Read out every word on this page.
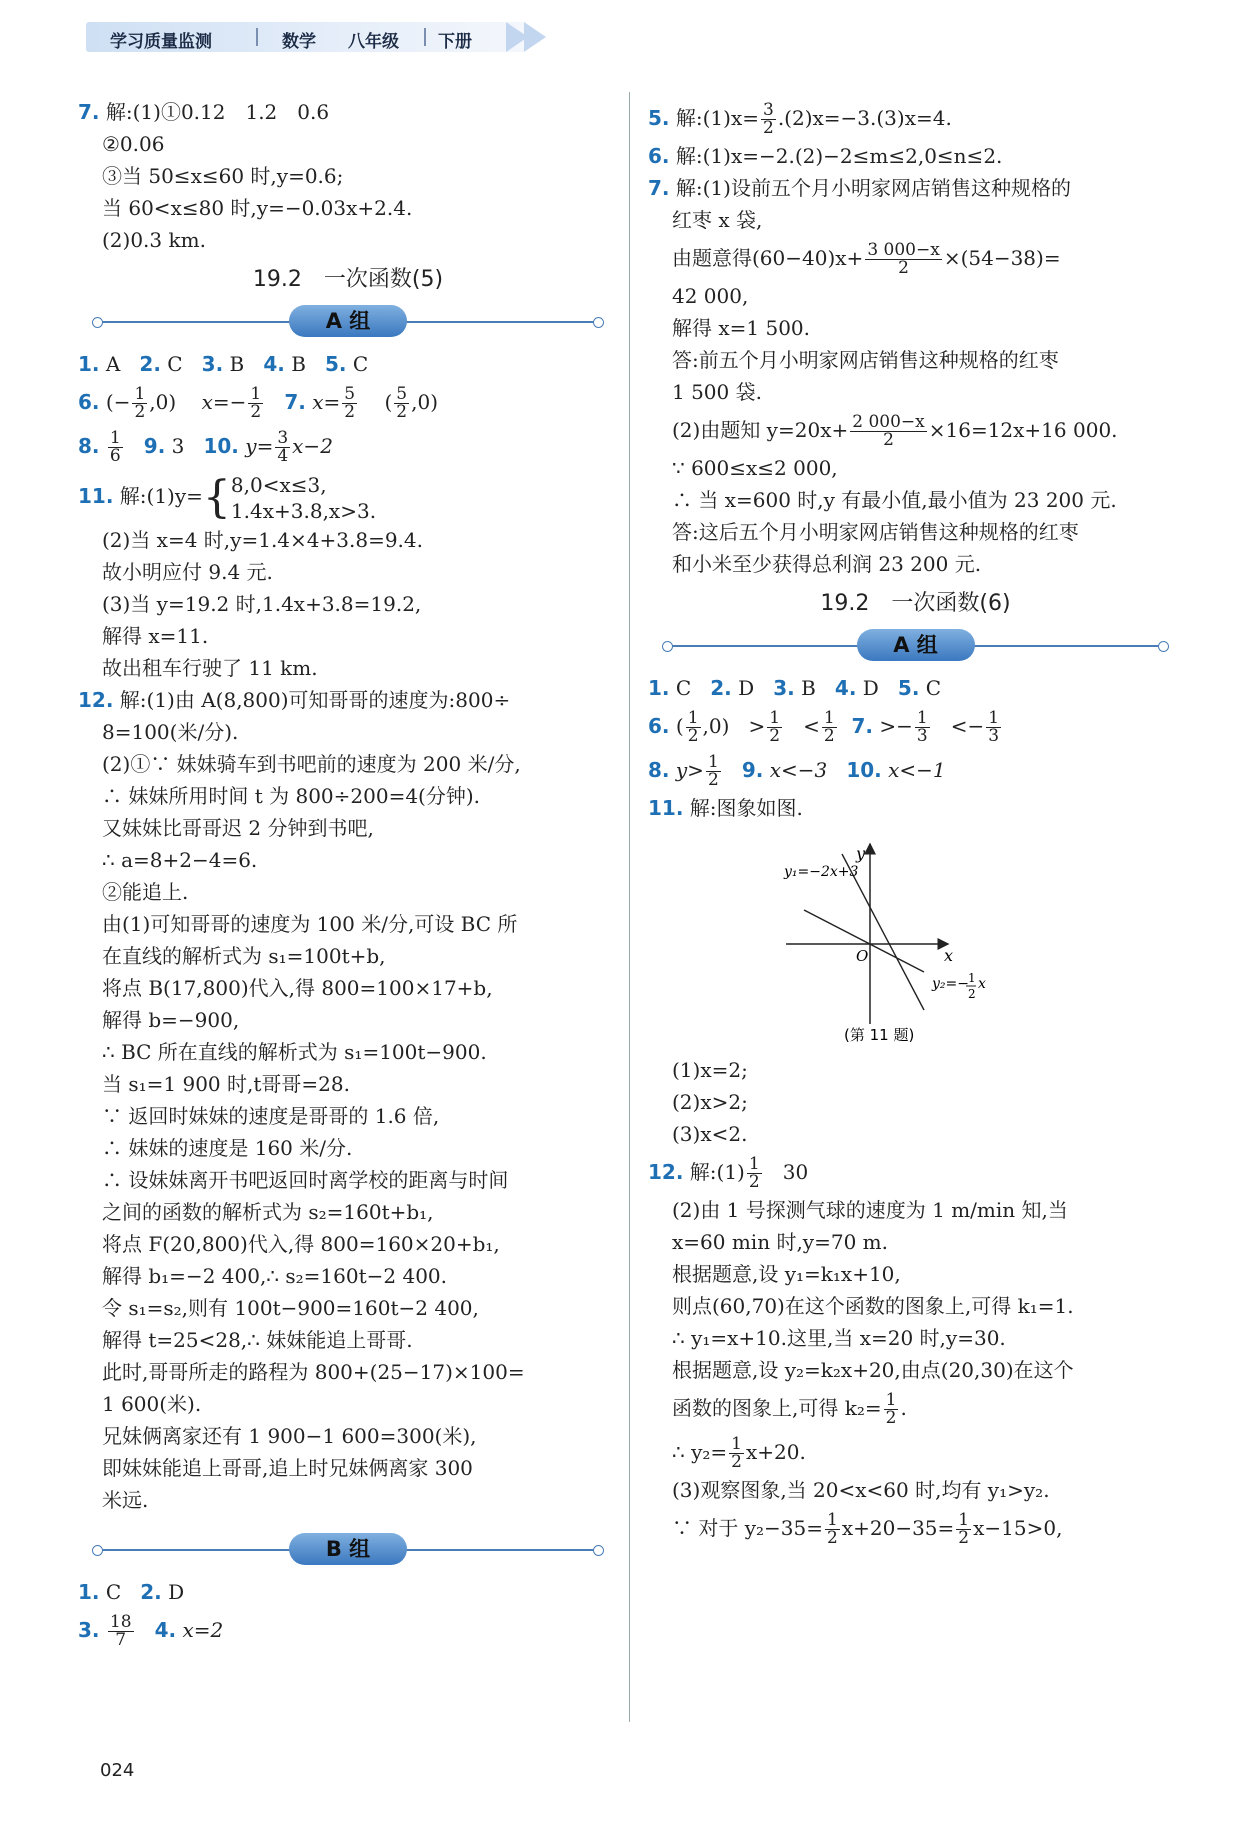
学习质量监测	数学 八年级 下册
7. 解:(1)①0.12　1.2　0.6
②0.06
③当 50≤x≤60 时,y=0.6;
当 60<x≤80 时,y=−0.03x+2.4.
(2)0.3 km.
19.2　一次函数(5)
A 组
1. A 2. C 3. B 4. B 5. C
6. (− $\frac{1}{2} ,0$)    $x=- \frac{1}{2} 7$. $x= \frac{5}{2}$ ( $\frac{5}{2} ,0$)
8. $\frac{1}{6} 9$. 3 10. $y= \frac{3}{4} x-2$
11. 解:(1)y={ 8,0<x≤3,
1.4x+3.8,x>3.
(2)当 x=4 时,y=1.4×4+3.8=9.4.
故小明应付 9.4 元.
(3)当 y=19.2 时,1.4x+3.8=19.2,
解得 x=11.
故出租车行驶了 11 km.
12. 解:(1)由 A(8,800)可知哥哥的速度为:800÷
8=100(米/分).
(2)①∵ 妹妹骑车到书吧前的速度为 200 米/分,
∴ 妹妹所用时间 t 为 800÷200=4(分钟).
又妹妹比哥哥迟 2 分钟到书吧,
∴ a=8+2−4=6.
②能追上.
由(1)可知哥哥的速度为 100 米/分,可设 BC 所
在直线的解析式为 s₁=100t+b,
将点 B(17,800)代入,得 800=100×17+b,
解得 b=−900,
∴ BC 所在直线的解析式为 s₁=100t−900.
当 s₁=1 900 时,t哥哥=28.
∵ 返回时妹妹的速度是哥哥的 1.6 倍,
∴ 妹妹的速度是 160 米/分.
∴ 设妹妹离开书吧返回时离学校的距离与时间
之间的函数的解析式为 s₂=160t+b₁,
将点 F(20,800)代入,得 800=160×20+b₁,
解得 b₁=−2 400,∴ s₂=160t−2 400.
令 s₁=s₂,则有 100t−900=160t−2 400,
解得 t=25<28,∴ 妹妹能追上哥哥.
此时,哥哥所走的路程为 800+(25−17)×100=
1 600(米).
兄妹俩离家还有 1 900−1 600=300(米),
即妹妹能追上哥哥,追上时兄妹俩离家 300
米远.
B 组
1. C 2. D
3. $\frac{18}{7} 4$. x=2
5. 解:(1)x= $\frac{3}{2} .(2)x=-3.(3)x=4$.
6. 解:(1)x=−2.(2)−2≤m≤2,0≤n≤2.
7. 解:(1)设前五个月小明家网店销售这种规格的
红枣 x 袋,
由题意得$(60-40)x+ \frac{3 000-x}{2} \times(54-38)=$
42 000,
解得 x=1 500.
答:前五个月小明家网店销售这种规格的红枣
1 500 袋.
(2)由题知 $y=20x+ \frac{2 000-x}{2} \times 16=12x+16$ 000.
∵ 600≤x≤2 000,
∴ 当 x=600 时,y 有最小值,最小值为 23 200 元.
答:这后五个月小明家网店销售这种规格的红枣
和小米至少获得总利润 23 200 元.
19.2　一次函数(6)
A 组
1. C 2. D 3. B 4. D 5. C
6. ( $\frac{1}{2} ,0) > \frac{1}{2} < \frac{1}{2} 7$. >− $\frac{1}{3} <- \frac{1}{3}$
8. $y> \frac{1}{2} 9$. x<−3 10. x<−1
11. 解:图象如图.
y₁=−2x+3
y
x
O
y₂=− 1
2
x
(第 11 题)
(1)x=2;
(2)x>2;
(3)x<2.
12. 解:(1) $\frac{1}{2} 30$
(2)由 1 号探测气球的速度为 1 m/min 知,当
x=60 min 时,y=70 m.
根据题意,设 y₁=k₁x+10,
则点(60,70)在这个函数的图象上,可得 k₁=1.
∴ y₁=x+10.这里,当 x=20 时,y=30.
根据题意,设 y₂=k₂x+20,由点(20,30)在这个
函数的图象上,可得 $k_2= \frac{1}{2}$ .
∴ $y_2= \frac{1}{2} x+20$.
(3)观察图象,当 20<x<60 时,均有 y₁>y₂.
∵ 对于 $y_2-35= \frac{1}{2} x+20-35= \frac{1}{2} x-15>0$,
024
